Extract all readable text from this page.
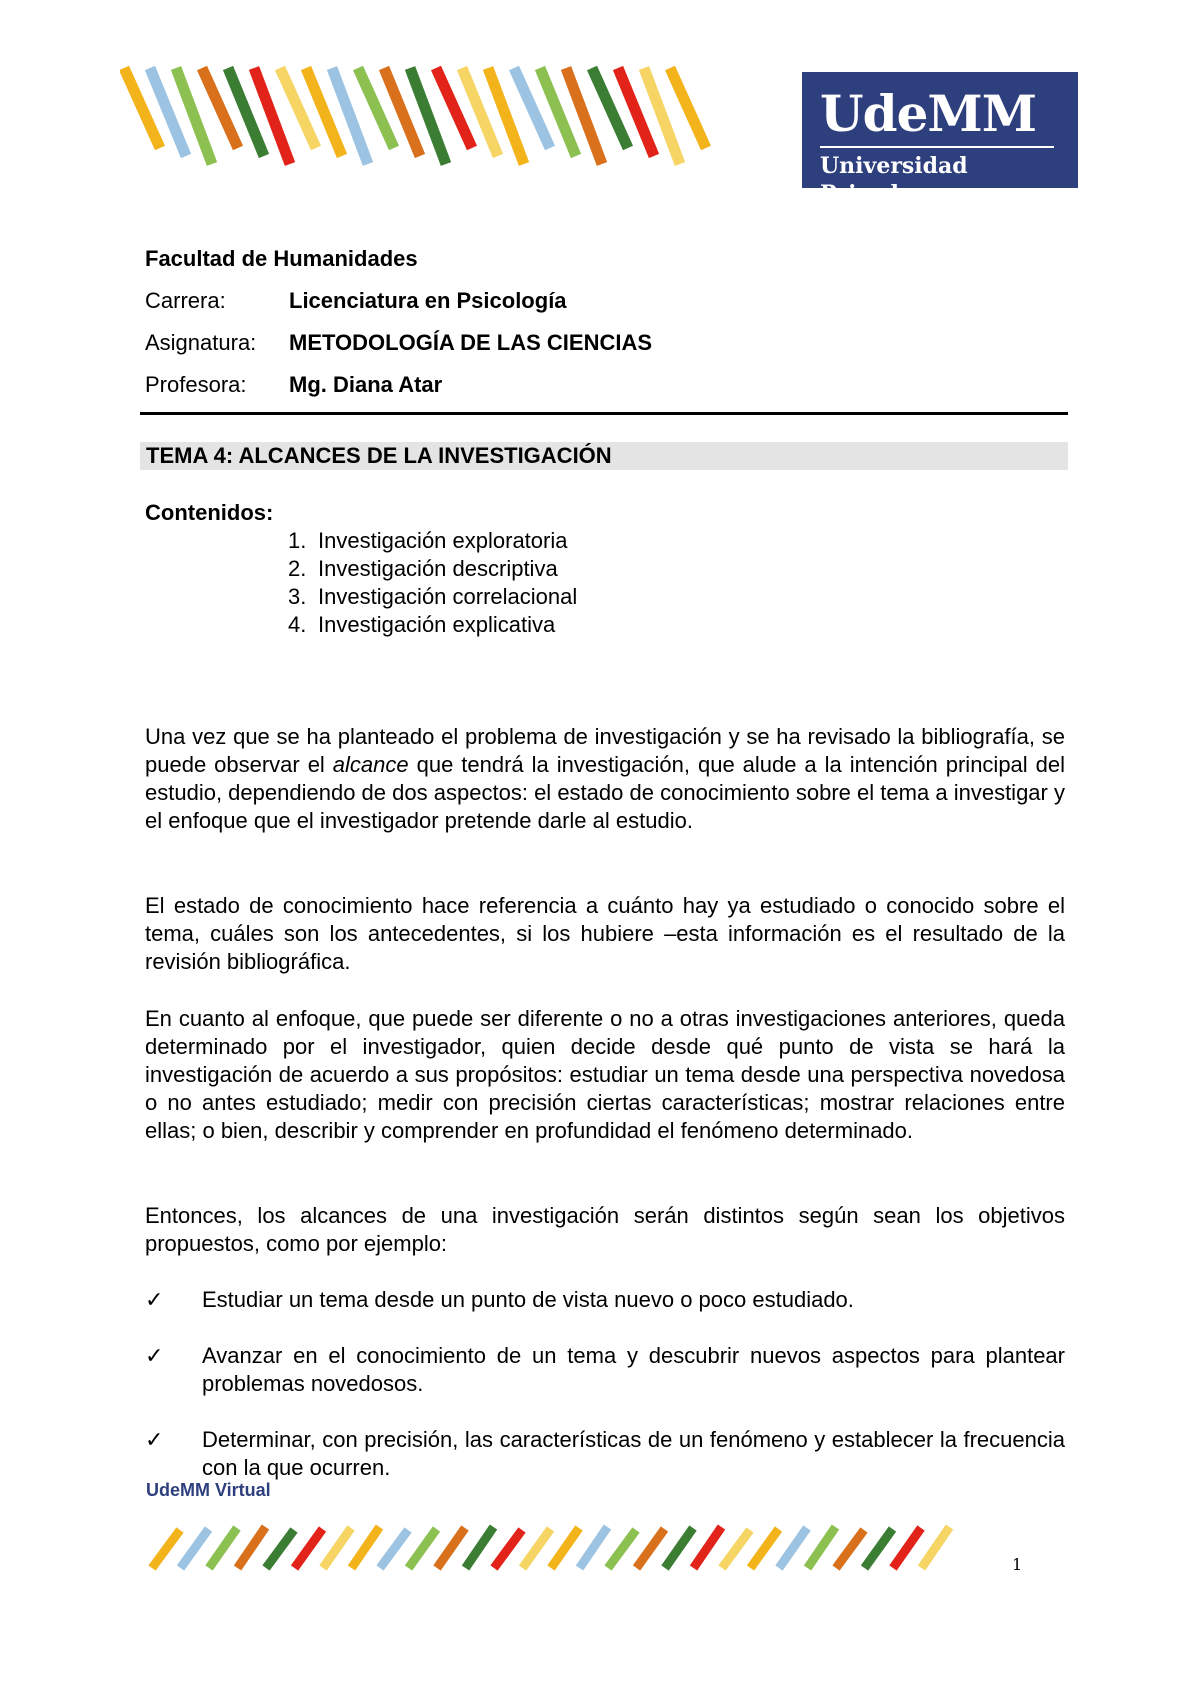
UdeMM
Universidad Privada
Facultad de Humanidades
Carrera:	Licenciatura en Psicología
Asignatura: METODOLOGÍA DE LAS CIENCIAS
Profesora: Mg. Diana Atar
TEMA 4: ALCANCES DE LA INVESTIGACIÓN
Contenidos:
1. Investigación exploratoria
2. Investigación descriptiva
3. Investigación correlacional
4. Investigación explicativa

Una vez que se ha planteado el problema de investigación y se ha revisado la bibliografía, se puede observar el alcance que tendrá la investigación, que alude a la intención principal del estudio, dependiendo de dos aspectos: el estado de conocimiento sobre el tema a investigar y el enfoque que el investigador pretende darle al estudio.

El estado de conocimiento hace referencia a cuánto hay ya estudiado o conocido sobre el tema, cuáles son los antecedentes, si los hubiere –esta información es el resultado de la revisión bibliográfica.

En cuanto al enfoque, que puede ser diferente o no a otras investigaciones anteriores, queda determinado por el investigador, quien decide desde qué punto de vista se hará la investigación de acuerdo a sus propósitos: estudiar un tema desde una perspectiva novedosa o no antes estudiado; medir con precisión ciertas características; mostrar relaciones entre ellas; o bien, describir y comprender en profundidad el fenómeno determinado.

Entonces, los alcances de una investigación serán distintos según sean los objetivos propuestos, como por ejemplo:

✓ Estudiar un tema desde un punto de vista nuevo o poco estudiado.
✓ Avanzar en el conocimiento de un tema y descubrir nuevos aspectos para plantear problemas novedosos.
✓ Determinar, con precisión, las características de un fenómeno y establecer la frecuencia con la que ocurren.
UdeMM Virtual
1
